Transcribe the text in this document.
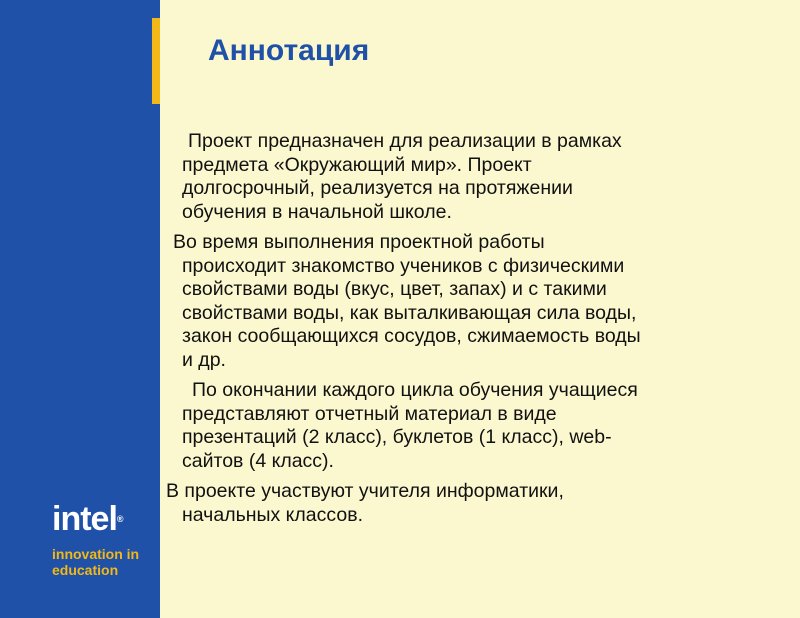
intel®
innovation in
education
Аннотация

Проект предназначен для реализации в рамках
предмета «Окружающий мир». Проект
долгосрочный, реализуется на протяжении
обучения в начальной школе.

Во время выполнения проектной работы
происходит знакомство учеников с физическими
свойствами воды (вкус, цвет, запах) и с такими
свойствами воды, как выталкивающая сила воды,
закон сообщающихся сосудов, сжимаемость воды
и др.

По окончании каждого цикла обучения учащиеся
представляют отчетный материал в виде
презентаций (2 класс), буклетов (1 класс), web-
сайтов (4 класс).

В проекте участвуют учителя информатики,
начальных классов.
